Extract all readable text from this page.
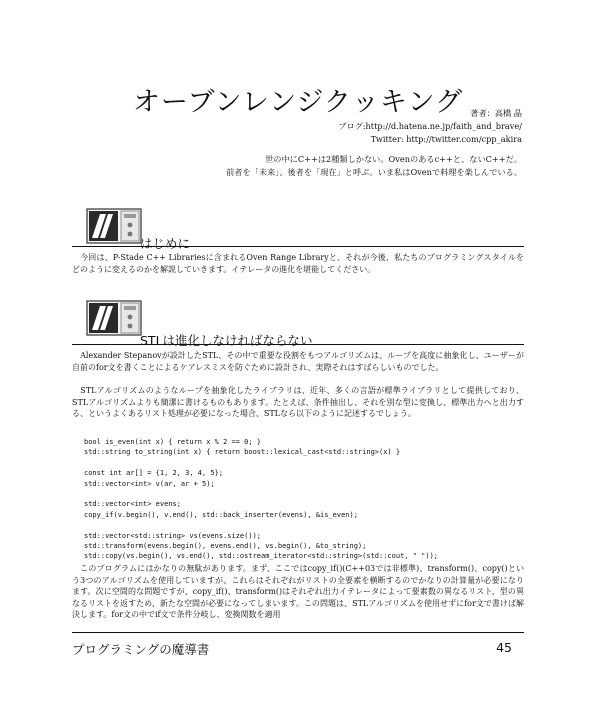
オーブンレンジクッキング 著者：高橋 晶
ブログ:http://d.hatena.ne.jp/faith_and_brave/
Twitter: http://twitter.com/cpp_akira
世の中にC++は2種類しかない。Ovenのあるc++と、ないC++だ。
前者を「未来」、後者を「現在」と呼ぶ。いま私はOvenで料理を楽しんでいる。
はじめに

　今回は、P-Stade C++ Librariesに含まれるOven Range Libraryと、それが今後、私たちのプログラミングスタイルをどのように変えるのかを解説していきます。イテレータの進化を堪能してください。

STLは進化しなければならない

　Alexander Stepanovが設計したSTL、その中で重要な役割をもつアルゴリズムは、ループを高度に抽象化し、ユーザーが自前のfor文を書くことによるケアレスミスを防ぐために設計され、実際それはすばらしいものでした。

　STLアルゴリズムのようなループを抽象化したライブラリは、近年、多くの言語が標準ライブラリとして提供しており、STLアルゴリズムよりも簡潔に書けるものもあります。たとえば、条件抽出し、それを別な型に変換し、標準出力へと出力する、というよくあるリスト処理が必要になった場合、STLなら以下のように記述するでしょう。

bool is_even(int x) { return x % 2 == 0; }
std::string to_string(int x) { return boost::lexical_cast<std::string>(x) }

const int ar[] = {1, 2, 3, 4, 5};
std::vector<int> v(ar, ar + 5);

std::vector<int> evens;
copy_if(v.begin(), v.end(), std::back_inserter(evens), &is_even);

std::vector<std::string> vs(evens.size());
std::transform(evens.begin(), evens.end(), vs.begin(), &to_string);
std::copy(vs.begin(), vs.end(), std::ostream_iterator<std::string>(std::cout, " "));

　このプログラムにはかなりの無駄があります。まず、ここではcopy_if()(C++03では非標準)、transform()、copy()という3つのアルゴリズムを使用していますが、これらはそれぞれがリストの全要素を横断するのでかなりの計算量が必要になります。次に空間的な問題ですが、copy_if()、transform()はそれぞれ出力イテレータによって要素数の異なるリスト、型の異なるリストを返すため、新たな空間が必要になってしまいます。この問題は、STLアルゴリズムを使用せずにfor文で書けば解決します。for文の中でif文で条件分岐し、変換関数を適用

プログラミングの魔導書	45
